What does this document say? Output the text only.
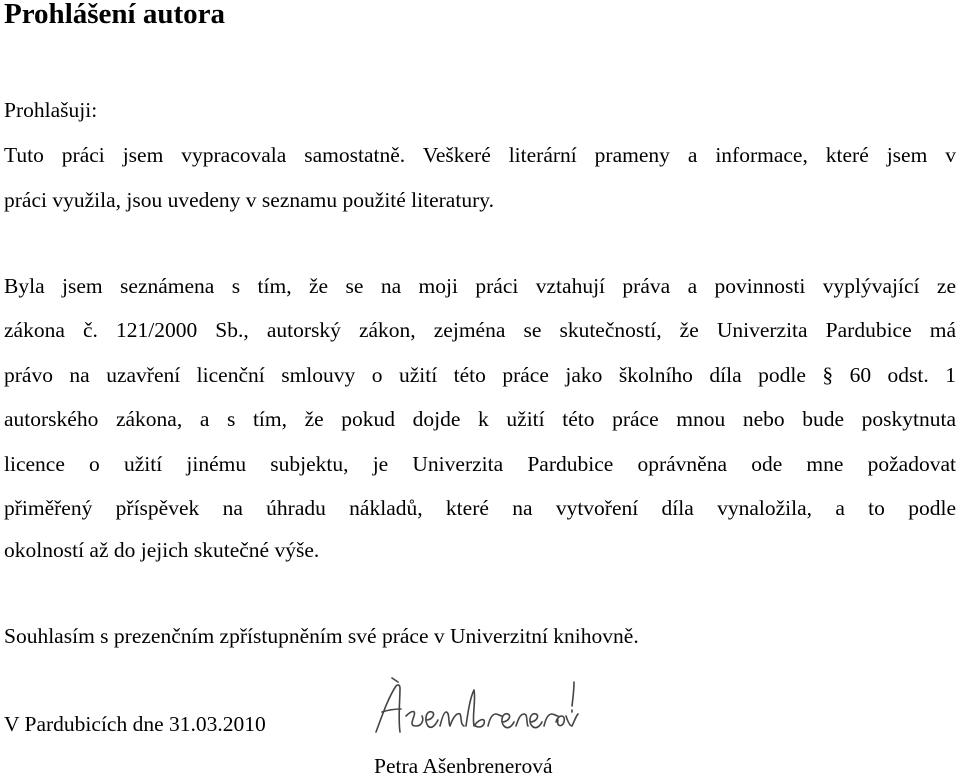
Prohlášení autora

Prohlašuji:

Tuto práci jsem vypracovala samostatně. Veškeré literární prameny a informace, které jsem v

práci využila, jsou uvedeny v seznamu použité literatury.

Byla jsem seznámena s tím, že se na moji práci vztahují práva a povinnosti vyplývající ze

zákona č. 121/2000 Sb., autorský zákon, zejména se skutečností, že Univerzita Pardubice má

právo na uzavření licenční smlouvy o užití této práce jako školního díla podle § 60 odst. 1

autorského zákona, a s tím, že pokud dojde k užití této práce mnou nebo bude poskytnuta

licence o užití jinému subjektu, je Univerzita Pardubice oprávněna ode mne požadovat

přiměřený příspěvek na úhradu nákladů, které na vytvoření díla vynaložila, a to podle

okolností až do jejich skutečné výše.

Souhlasím s prezenčním zpřístupněním své práce v Univerzitní knihovně.

V Pardubicích dne 31.03.2010

Petra Ašenbrenerová
